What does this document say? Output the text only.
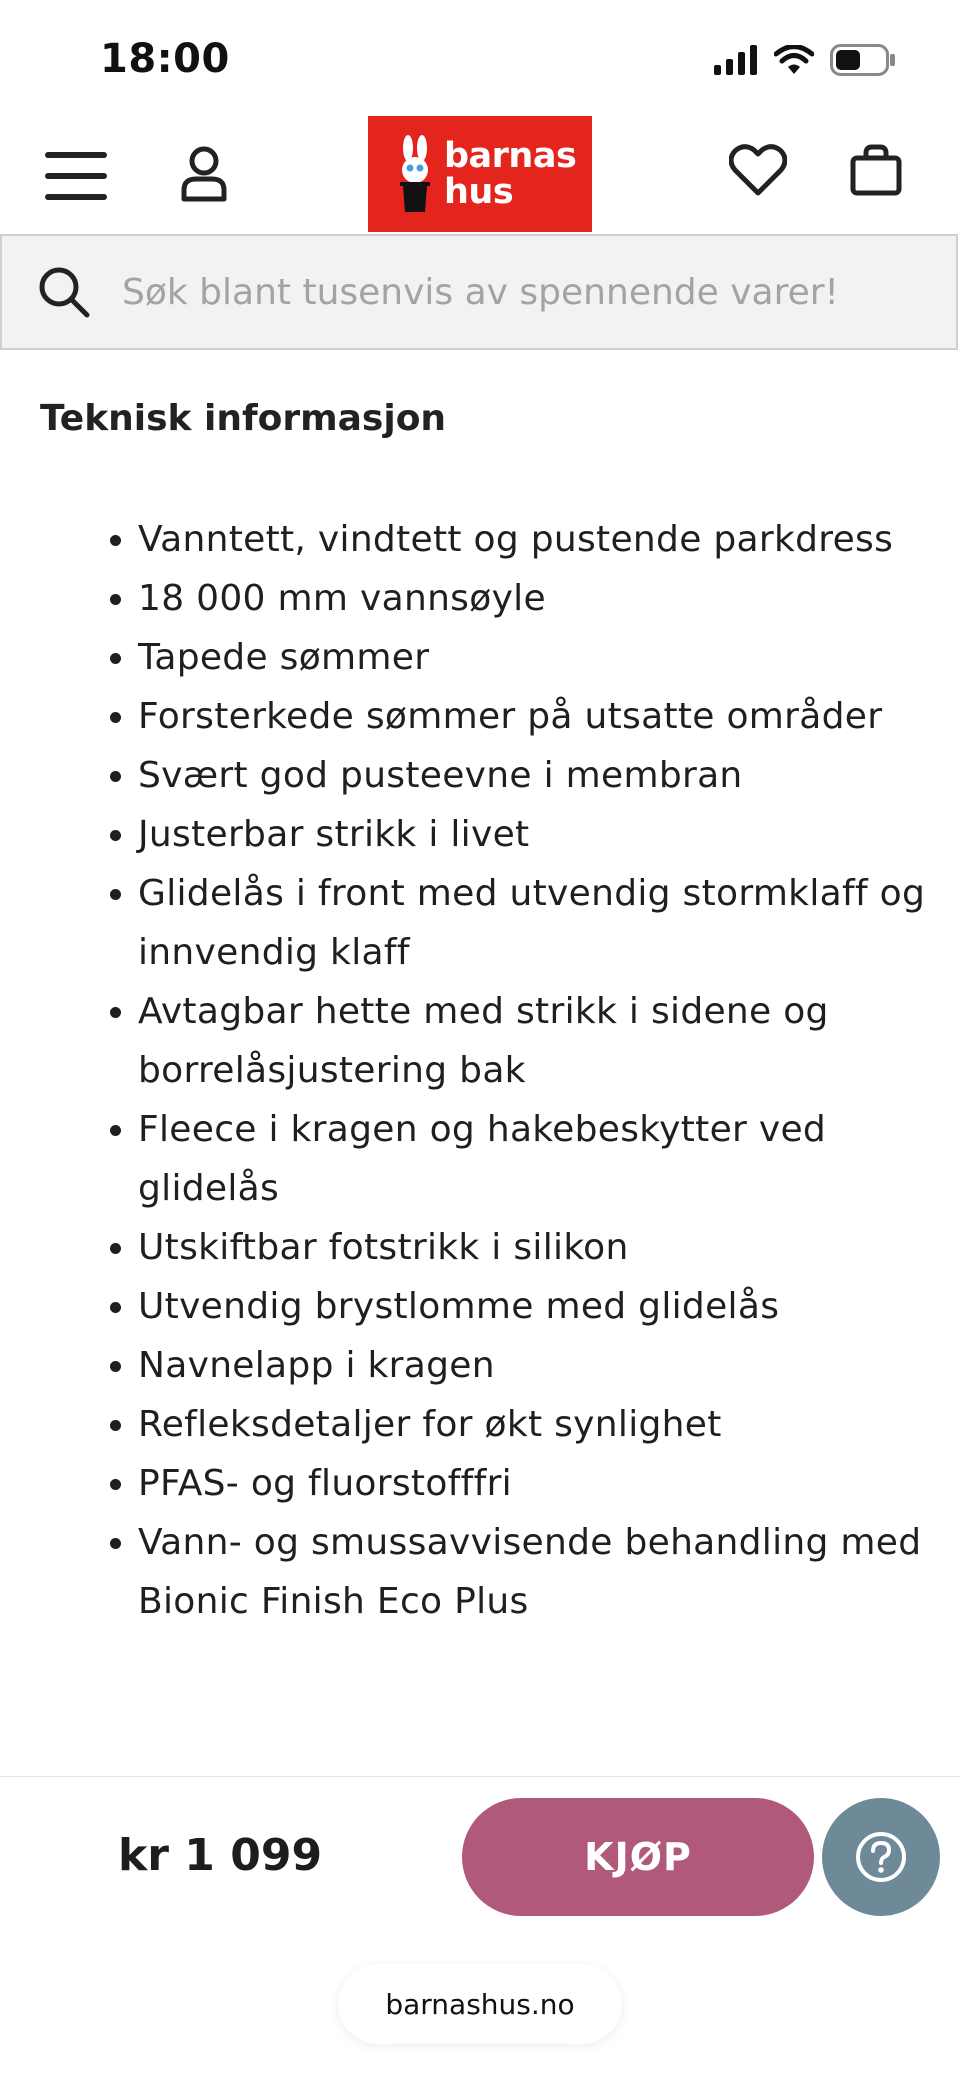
18:00
barnas
hus
Søk blant tusenvis av spennende varer!
Teknisk informasjon
• Vanntett, vindtett og pustende parkdress
• 18 000 mm vannsøyle
• Tapede sømmer
• Forsterkede sømmer på utsatte områder
• Svært god pusteevne i membran
• Justerbar strikk i livet
• Glidelås i front med utvendig stormklaff og innvendig klaff
• Avtagbar hette med strikk i sidene og borrelåsjustering bak
• Fleece i kragen og hakebeskytter ved glidelås
• Utskiftbar fotstrikk i silikon
• Utvendig brystlomme med glidelås
• Navnelapp i kragen
• Refleksdetaljer for økt synlighet
• PFAS- og fluorstofffri
• Vann- og smussavvisende behandling med Bionic Finish Eco Plus
kr 1 099	KJØP
barnashus.no
